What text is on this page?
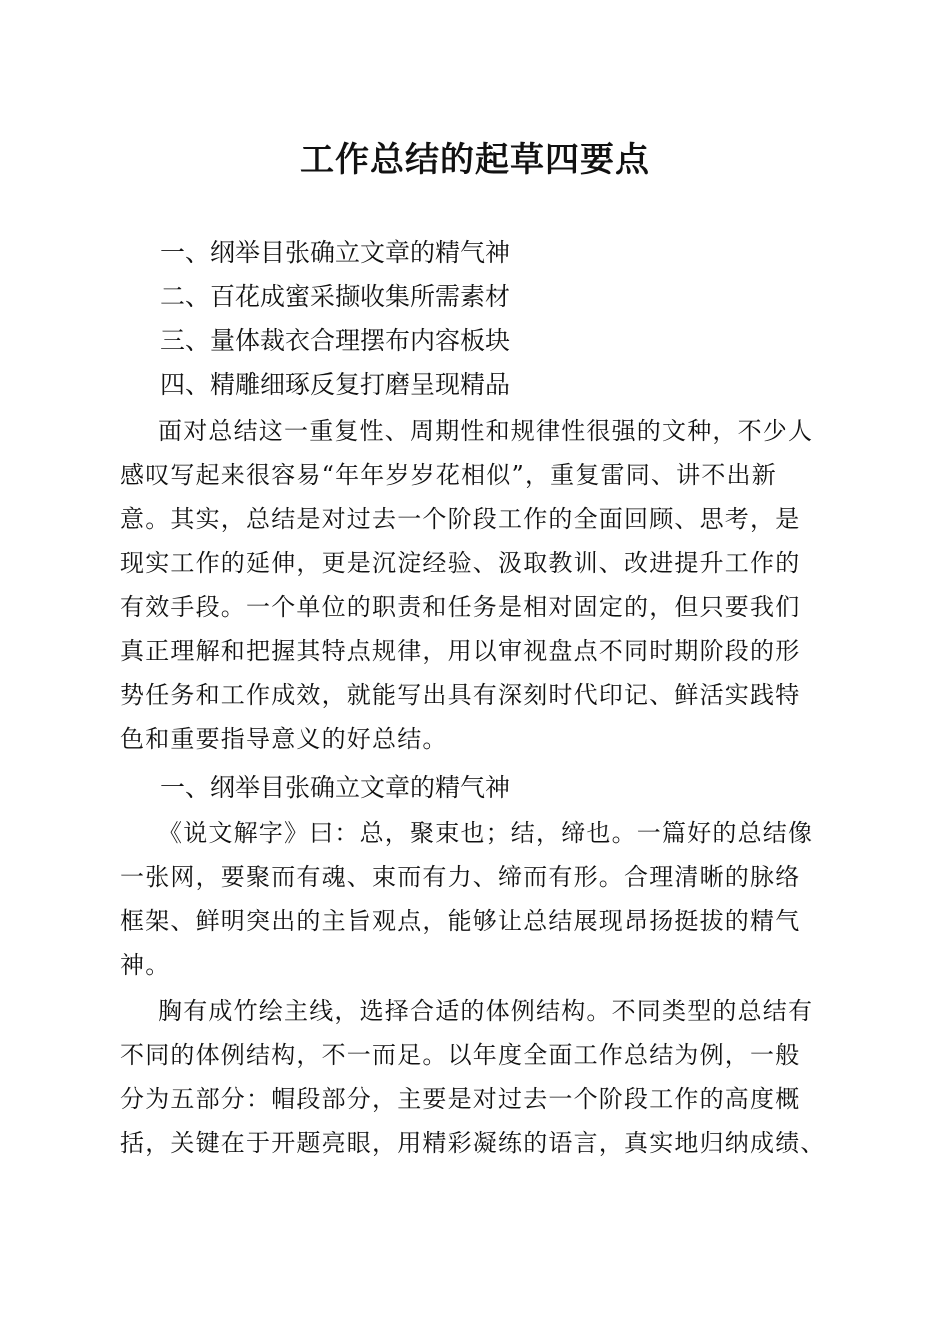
工作总结的起草四要点
一、纲举目张确立文章的精气神
二、百花成蜜采撷收集所需素材
三、量体裁衣合理摆布内容板块
四、精雕细琢反复打磨呈现精品
面对总结这一重复性、周期性和规律性很强的文种，不少人
感叹写起来很容易“年年岁岁花相似”，重复雷同、讲不出新
意。其实，总结是对过去一个阶段工作的全面回顾、思考，是
现实工作的延伸，更是沉淀经验、汲取教训、改进提升工作的
有效手段。一个单位的职责和任务是相对固定的，但只要我们
真正理解和把握其特点规律，用以审视盘点不同时期阶段的形
势任务和工作成效，就能写出具有深刻时代印记、鲜活实践特
色和重要指导意义的好总结。
一、纲举目张确立文章的精气神
《说文解字》曰：总，聚束也；结，缔也。一篇好的总结像
一张网，要聚而有魂、束而有力、缔而有形。合理清晰的脉络
框架、鲜明突出的主旨观点，能够让总结展现昂扬挺拔的精气
神。
胸有成竹绘主线，选择合适的体例结构。不同类型的总结有
不同的体例结构，不一而足。以年度全面工作总结为例，一般
分为五部分：帽段部分，主要是对过去一个阶段工作的高度概
括，关键在于开题亮眼，用精彩凝练的语言，真实地归纳成绩、
